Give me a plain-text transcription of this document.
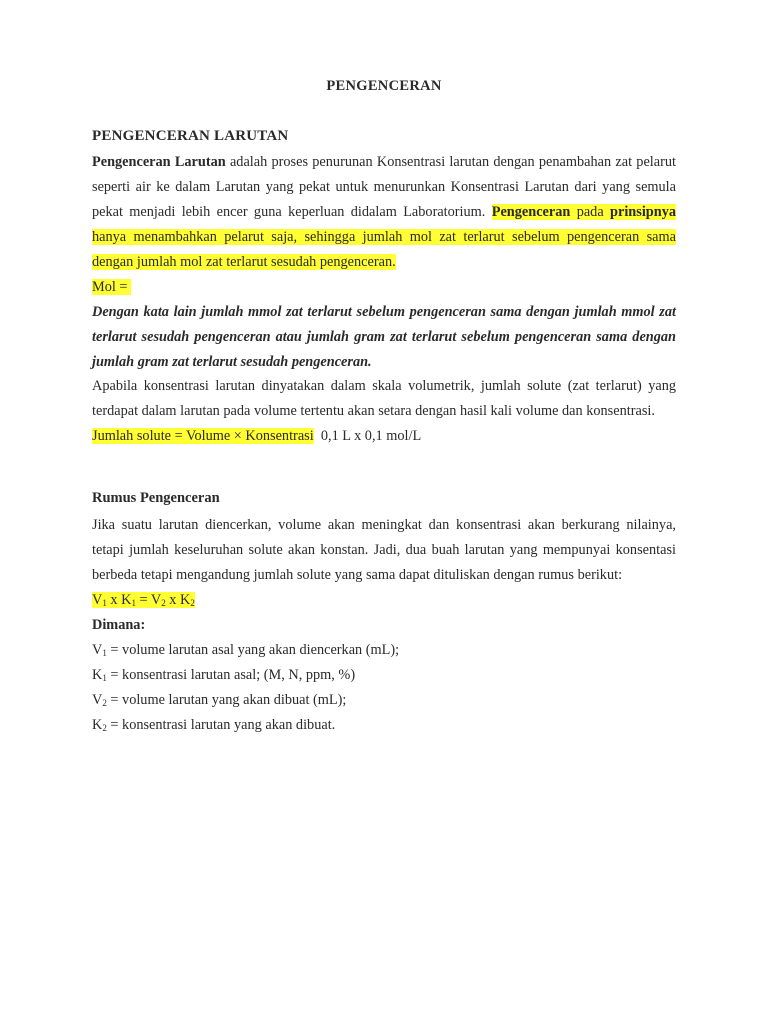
PENGENCERAN
PENGENCERAN LARUTAN
Pengenceran Larutan adalah proses penurunan Konsentrasi larutan dengan penambahan zat pelarut seperti air ke dalam Larutan yang pekat untuk menurunkan Konsentrasi Larutan dari yang semula pekat menjadi lebih encer guna keperluan didalam Laboratorium. Pengenceran pada prinsipnya hanya menambahkan pelarut saja, sehingga jumlah mol zat terlarut sebelum pengenceran sama dengan jumlah mol zat terlarut sesudah pengenceran.
Mol =
Dengan kata lain jumlah mmol zat terlarut sebelum pengenceran sama dengan jumlah mmol zat terlarut sesudah pengenceran atau jumlah gram zat terlarut sebelum pengenceran sama dengan jumlah gram zat terlarut sesudah pengenceran.
Apabila konsentrasi larutan dinyatakan dalam skala volumetrik, jumlah solute (zat terlarut) yang terdapat dalam larutan pada volume tertentu akan setara dengan hasil kali volume dan konsentrasi.
Jumlah solute = Volume × Konsentrasi  0,1 L x 0,1 mol/L
Rumus Pengenceran
Jika suatu larutan diencerkan, volume akan meningkat dan konsentrasi akan berkurang nilainya, tetapi jumlah keseluruhan solute akan konstan. Jadi, dua buah larutan yang mempunyai konsentasi berbeda tetapi mengandung jumlah solute yang sama dapat dituliskan dengan rumus berikut:
$V_1$ x $K_1 = V_2$ x $K_2$
Dimana:
$V_1$ = volume larutan asal yang akan diencerkan (mL);
$K_1$ = konsentrasi larutan asal; (M, N, ppm, %)
$V_2$ = volume larutan yang akan dibuat (mL);
$K_2$ = konsentrasi larutan yang akan dibuat.
